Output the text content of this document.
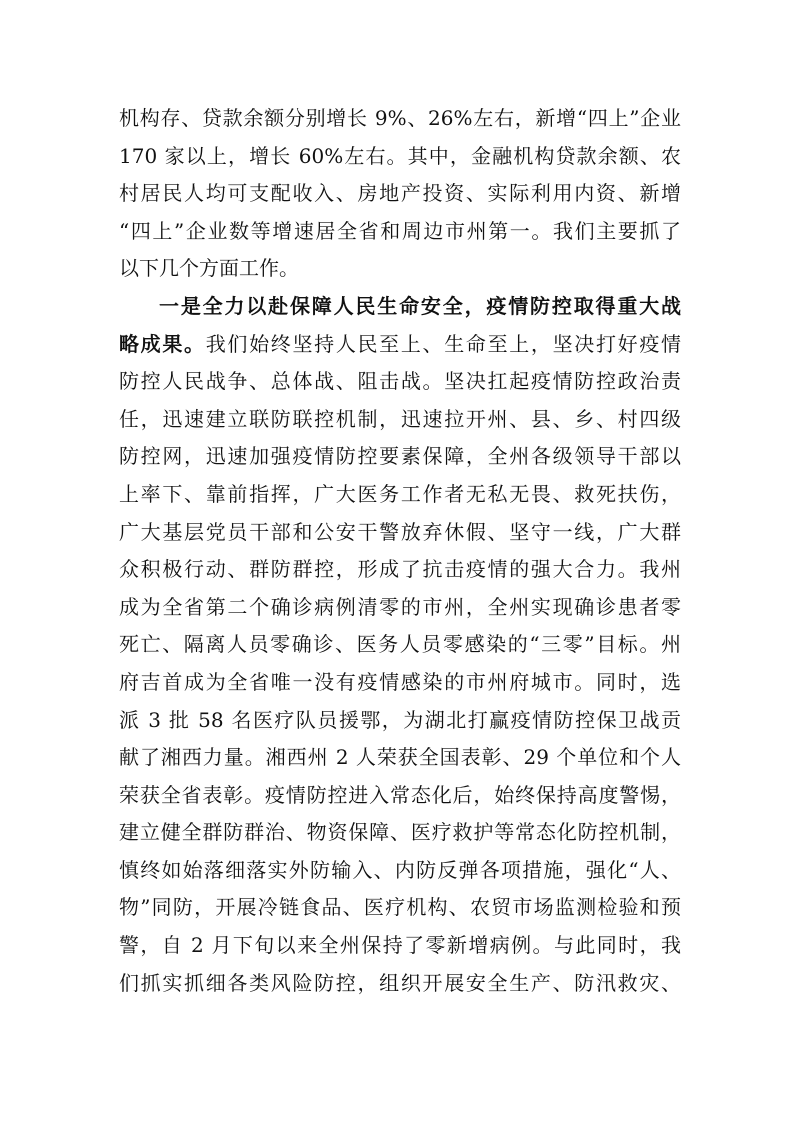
机构存、贷款余额分别增长 9%、26%左右，新增“四上”企业
170 家以上，增长 60%左右。其中，金融机构贷款余额、农
村居民人均可支配收入、房地产投资、实际利用内资、新增
“四上”企业数等增速居全省和周边市州第一。我们主要抓了
以下几个方面工作。
一是全力以赴保障人民生命安全，疫情防控取得重大战
略成果。我们始终坚持人民至上、生命至上，坚决打好疫情
防控人民战争、总体战、阻击战。坚决扛起疫情防控政治责
任，迅速建立联防联控机制，迅速拉开州、县、乡、村四级
防控网，迅速加强疫情防控要素保障，全州各级领导干部以
上率下、靠前指挥，广大医务工作者无私无畏、救死扶伤，
广大基层党员干部和公安干警放弃休假、坚守一线，广大群
众积极行动、群防群控，形成了抗击疫情的强大合力。我州
成为全省第二个确诊病例清零的市州，全州实现确诊患者零
死亡、隔离人员零确诊、医务人员零感染的“三零”目标。州
府吉首成为全省唯一没有疫情感染的市州府城市。同时，选
派 3 批 58 名医疗队员援鄂，为湖北打赢疫情防控保卫战贡
献了湘西力量。湘西州 2 人荣获全国表彰、29 个单位和个人
荣获全省表彰。疫情防控进入常态化后，始终保持高度警惕，
建立健全群防群治、物资保障、医疗救护等常态化防控机制，
慎终如始落细落实外防输入、内防反弹各项措施，强化“人、
物”同防，开展冷链食品、医疗机构、农贸市场监测检验和预
警，自 2 月下旬以来全州保持了零新增病例。与此同时，我
们抓实抓细各类风险防控，组织开展安全生产、防汛救灾、
